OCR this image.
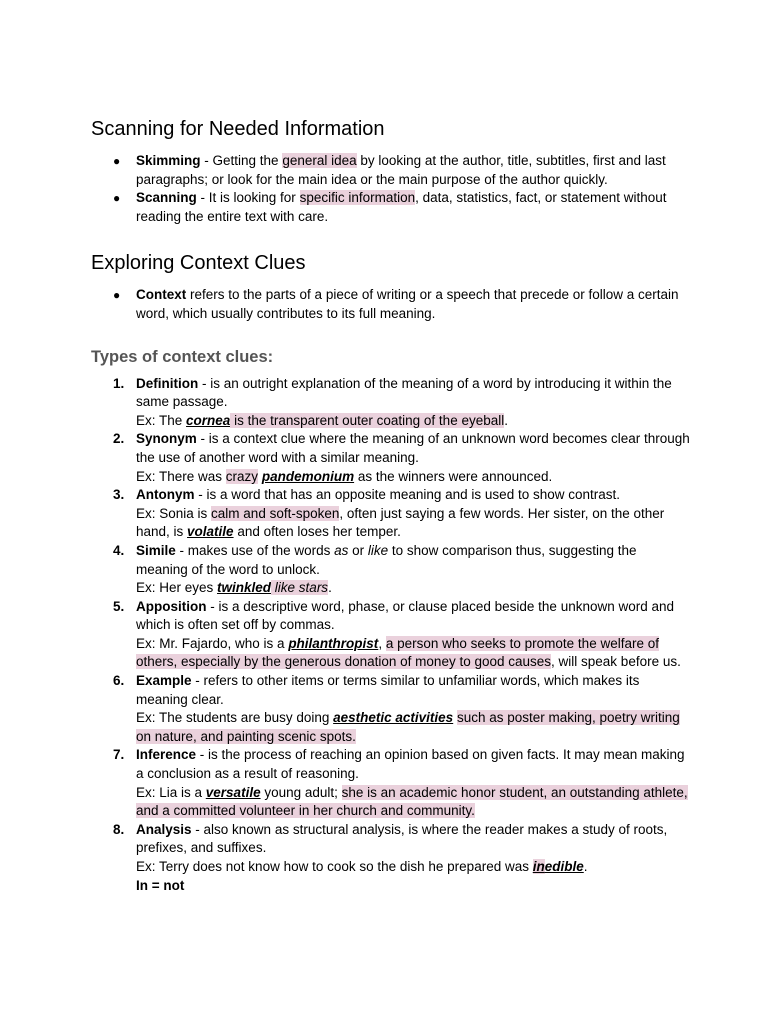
Scanning for Needed Information
● Skimming - Getting the general idea by looking at the author, title, subtitles, first and last paragraphs; or look for the main idea or the main purpose of the author quickly.
● Scanning - It is looking for specific information, data, statistics, fact, or statement without reading the entire text with care.
Exploring Context Clues
● Context refers to the parts of a piece of writing or a speech that precede or follow a certain word, which usually contributes to its full meaning.
Types of context clues:
1. Definition - is an outright explanation of the meaning of a word by introducing it within the same passage.
Ex: The cornea is the transparent outer coating of the eyeball.
2. Synonym - is a context clue where the meaning of an unknown word becomes clear through the use of another word with a similar meaning.
Ex: There was crazy pandemonium as the winners were announced.
3. Antonym - is a word that has an opposite meaning and is used to show contrast.
Ex: Sonia is calm and soft-spoken, often just saying a few words. Her sister, on the other hand, is volatile and often loses her temper.
4. Simile - makes use of the words as or like to show comparison thus, suggesting the meaning of the word to unlock.
Ex: Her eyes twinkled like stars.
5. Apposition - is a descriptive word, phase, or clause placed beside the unknown word and which is often set off by commas.
Ex: Mr. Fajardo, who is a philanthropist, a person who seeks to promote the welfare of others, especially by the generous donation of money to good causes, will speak before us.
6. Example - refers to other items or terms similar to unfamiliar words, which makes its meaning clear.
Ex: The students are busy doing aesthetic activities such as poster making, poetry writing on nature, and painting scenic spots.
7. Inference - is the process of reaching an opinion based on given facts. It may mean making a conclusion as a result of reasoning.
Ex: Lia is a versatile young adult; she is an academic honor student, an outstanding athlete, and a committed volunteer in her church and community.
8. Analysis - also known as structural analysis, is where the reader makes a study of roots, prefixes, and suffixes.
Ex: Terry does not know how to cook so the dish he prepared was inedible.
In = not
